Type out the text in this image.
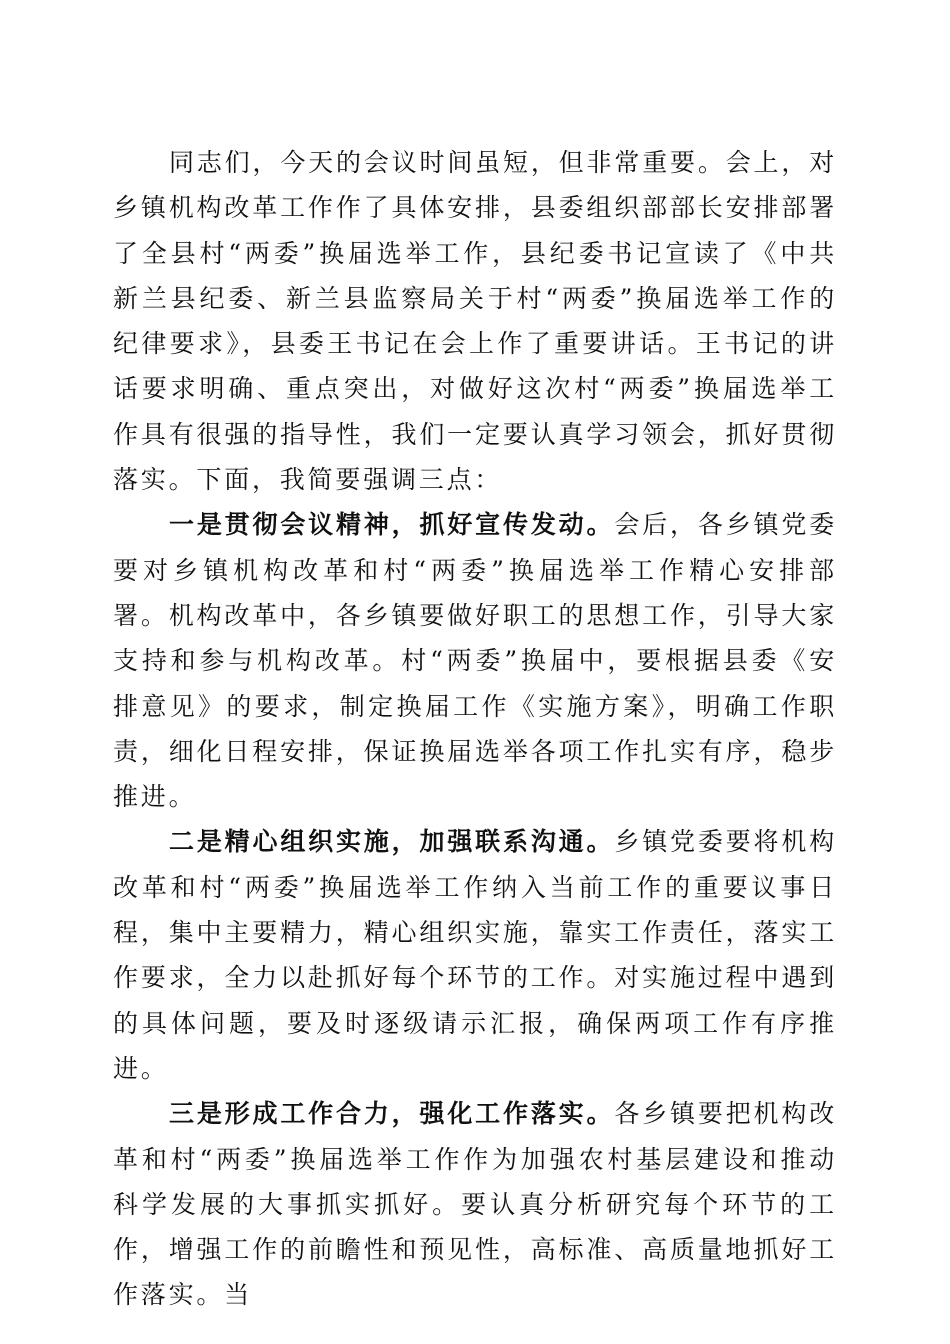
同志们，今天的会议时间虽短，但非常重要。会上，对乡镇机构改革工作作了具体安排，县委组织部部长安排部署了全县村“两委”换届选举工作，县纪委书记宣读了《中共新兰县纪委、新兰县监察局关于村“两委”换届选举工作的纪律要求》，县委王书记在会上作了重要讲话。王书记的讲话要求明确、重点突出，对做好这次村“两委”换届选举工作具有很强的指导性，我们一定要认真学习领会，抓好贯彻落实。下面，我简要强调三点：

一是贯彻会议精神，抓好宣传发动。会后，各乡镇党委要对乡镇机构改革和村“两委”换届选举工作精心安排部署。机构改革中，各乡镇要做好职工的思想工作，引导大家支持和参与机构改革。村“两委”换届中，要根据县委《安排意见》的要求，制定换届工作《实施方案》，明确工作职责，细化日程安排，保证换届选举各项工作扎实有序，稳步推进。

二是精心组织实施，加强联系沟通。乡镇党委要将机构改革和村“两委”换届选举工作纳入当前工作的重要议事日程，集中主要精力，精心组织实施，靠实工作责任，落实工作要求，全力以赴抓好每个环节的工作。对实施过程中遇到的具体问题，要及时逐级请示汇报，确保两项工作有序推进。

三是形成工作合力，强化工作落实。各乡镇要把机构改革和村“两委”换届选举工作作为加强农村基层建设和推动科学发展的大事抓实抓好。要认真分析研究每个环节的工作，增强工作的前瞻性和预见性，高标准、高质量地抓好工作落实。当
